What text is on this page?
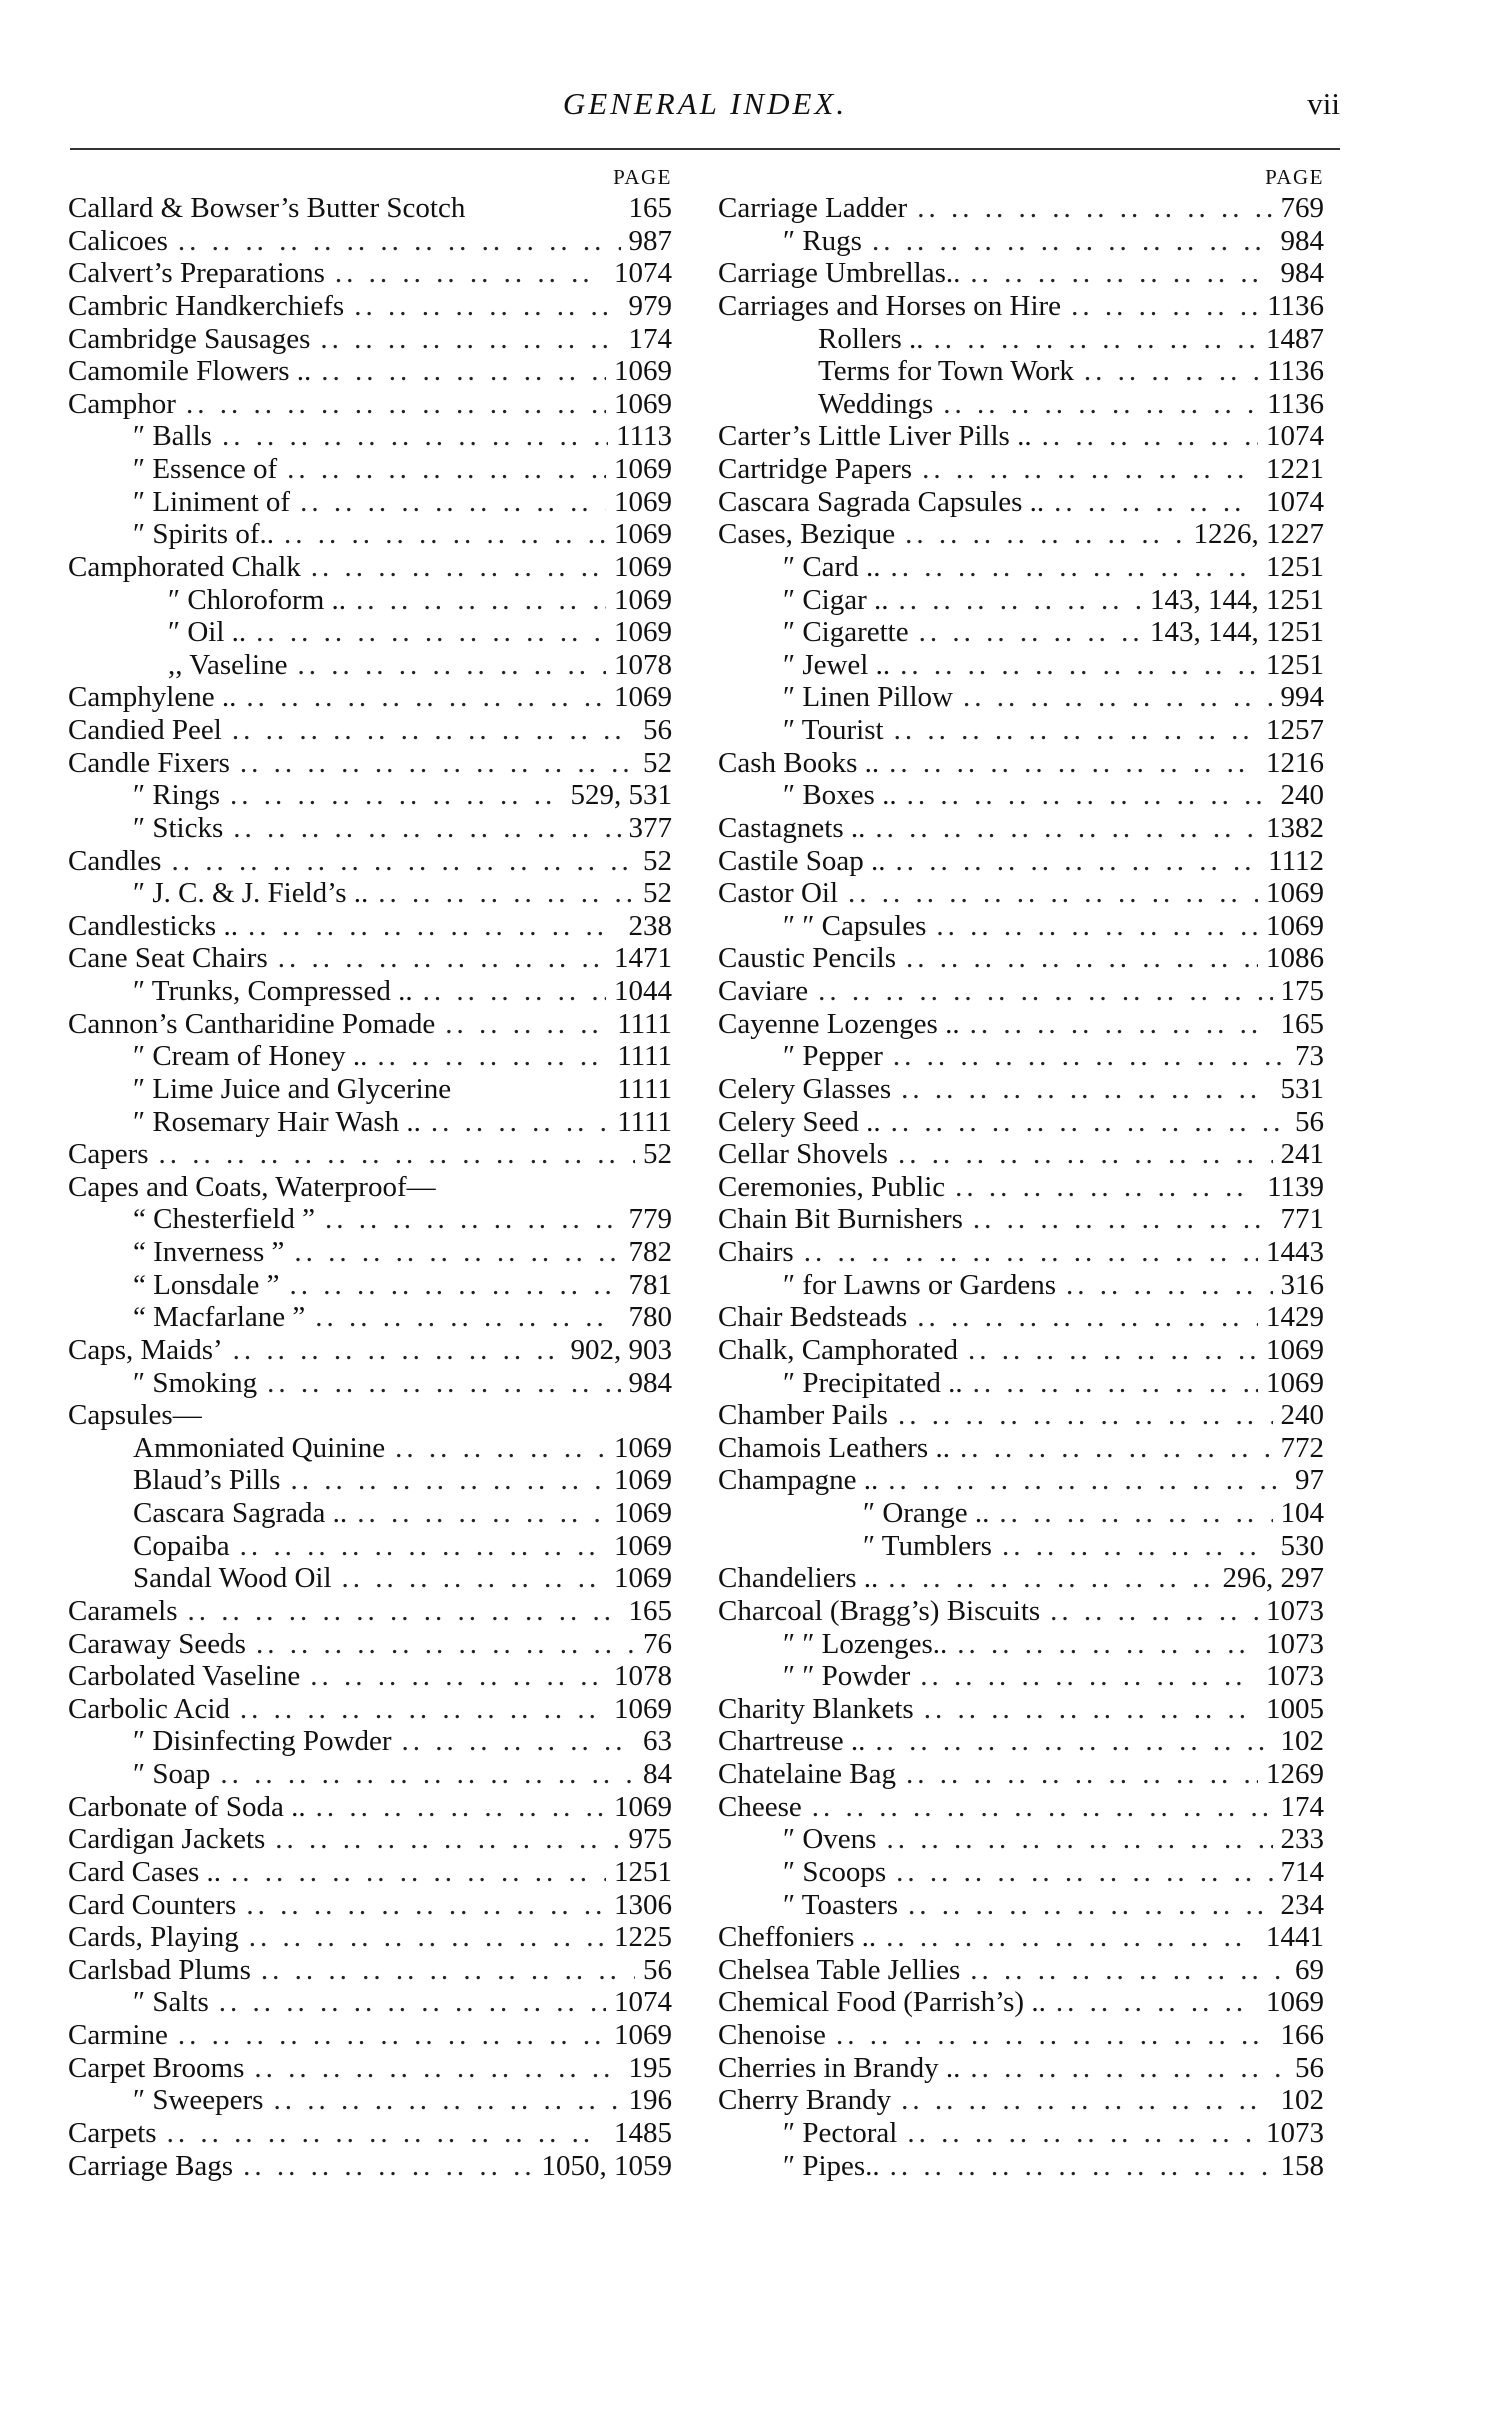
GENERAL INDEX.	vii
PAGE
Callard & Bowser’s Butter Scotch	165
Calicoes .. ..	987
Calvert’s Preparations .. ..	1074
Cambric Handkerchiefs .. ..	979
Cambridge Sausages .. ..	174
Camomile Flowers .. .. ..	1069
Camphor .. ..	1069
″ Balls .. ..	1113
″ Essence of .. ..	1069
″ Liniment of .. ..	1069
″ Spirits of.. .. ..	1069
Camphorated Chalk .. ..	1069
″ Chloroform .. .. ..	1069
″ Oil .. .. ..	1069
,, Vaseline .. ..	1078
Camphylene .. .. ..	1069
Candied Peel .. ..	56
Candle Fixers .. ..	52
″ Rings .. ..	529, 531
″ Sticks .. ..	377
Candles .. ..	52
″ J. C. & J. Field’s .. .. ..	52
Candlesticks .. .. ..	238
Cane Seat Chairs .. ..	1471
″ Trunks, Compressed .. .. ..	1044
Cannon’s Cantharidine Pomade .. ..	1111
″ Cream of Honey .. .. ..	1111
″ Lime Juice and Glycerine	1111
″ Rosemary Hair Wash .. .. ..	1111
Capers .. ..	52
Capes and Coats, Waterproof—
“ Chesterfield ” .. ..	779
“ Inverness ” .. ..	782
“ Lonsdale ” .. ..	781
“ Macfarlane ” .. ..	780
Caps, Maids’ .. ..	902, 903
″ Smoking .. ..	984
Capsules—
Ammoniated Quinine .. ..	1069
Blaud’s Pills .. ..	1069
Cascara Sagrada .. .. ..	1069
Copaiba .. ..	1069
Sandal Wood Oil .. ..	1069
Caramels .. ..	165
Caraway Seeds .. ..	76
Carbolated Vaseline .. ..	1078
Carbolic Acid .. ..	1069
″ Disinfecting Powder .. ..	63
″ Soap .. ..	84
Carbonate of Soda .. .. ..	1069
Cardigan Jackets .. ..	975
Card Cases .. .. ..	1251
Card Counters .. ..	1306
Cards, Playing .. ..	1225
Carlsbad Plums .. ..	56
″ Salts .. ..	1074
Carmine .. ..	1069
Carpet Brooms .. ..	195
″ Sweepers .. ..	196
Carpets .. ..	1485
Carriage Bags .. ..	1050, 1059
PAGE
Carriage Ladder .. ..	769
″ Rugs .. ..	984
Carriage Umbrellas.. .. ..	984
Carriages and Horses on Hire .. ..	1136
Rollers .. .. ..	1487
Terms for Town Work .. ..	1136
Weddings .. ..	1136
Carter’s Little Liver Pills .. .. ..	1074
Cartridge Papers .. ..	1221
Cascara Sagrada Capsules .. .. ..	1074
Cases, Bezique .. ..	1226, 1227
″ Card .. .. ..	1251
″ Cigar .. .. ..	143, 144, 1251
″ Cigarette .. ..	143, 144, 1251
″ Jewel .. .. ..	1251
″ Linen Pillow .. ..	994
″ Tourist .. ..	1257
Cash Books .. .. ..	1216
″ Boxes .. .. ..	240
Castagnets .. .. ..	1382
Castile Soap .. .. ..	1112
Castor Oil .. ..	1069
″ ″ Capsules .. ..	1069
Caustic Pencils .. ..	1086
Caviare .. ..	175
Cayenne Lozenges .. .. ..	165
″ Pepper .. ..	73
Celery Glasses .. ..	531
Celery Seed .. .. ..	56
Cellar Shovels .. ..	241
Ceremonies, Public .. ..	1139
Chain Bit Burnishers .. ..	771
Chairs .. ..	1443
″ for Lawns or Gardens .. ..	316
Chair Bedsteads .. ..	1429
Chalk, Camphorated .. ..	1069
″ Precipitated .. .. ..	1069
Chamber Pails .. ..	240
Chamois Leathers .. .. ..	772
Champagne .. .. ..	97
″ Orange .. .. ..	104
″ Tumblers .. ..	530
Chandeliers .. .. ..	296, 297
Charcoal (Bragg’s) Biscuits .. ..	1073
″ ″ Lozenges.. .. ..	1073
″ ″ Powder .. ..	1073
Charity Blankets .. ..	1005
Chartreuse .. .. ..	102
Chatelaine Bag .. ..	1269
Cheese .. ..	174
″ Ovens .. ..	233
″ Scoops .. ..	714
″ Toasters .. ..	234
Cheffoniers .. .. ..	1441
Chelsea Table Jellies .. ..	69
Chemical Food (Parrish’s) .. .. ..	1069
Chenoise .. ..	166
Cherries in Brandy .. .. ..	56
Cherry Brandy .. ..	102
″ Pectoral .. ..	1073
″ Pipes.. .. ..	158
